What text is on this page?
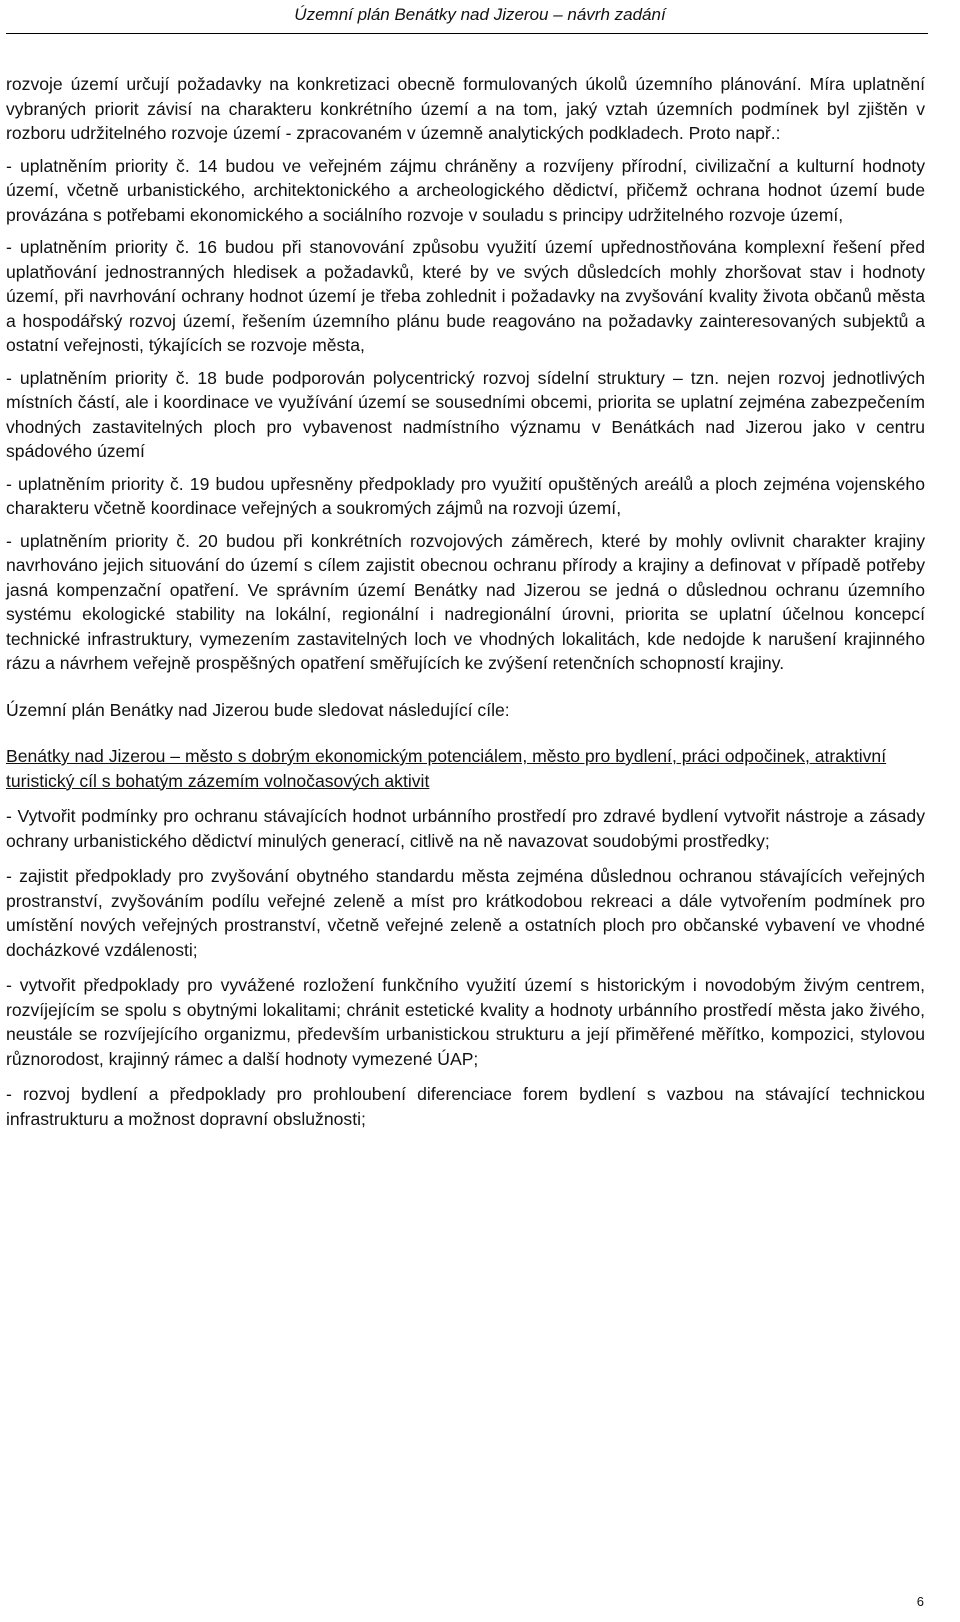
Územní plán Benátky nad Jizerou – návrh zadání

rozvoje území určují požadavky na konkretizaci obecně formulovaných úkolů územního plánování. Míra uplatnění vybraných priorit závisí na charakteru konkrétního území a na tom, jaký vztah územních podmínek byl zjištěn v rozboru udržitelného rozvoje území - zpracovaném v územně analytických podkladech. Proto např.:

- uplatněním priority č. 14 budou ve veřejném zájmu chráněny a rozvíjeny přírodní, civilizační a kulturní hodnoty území, včetně urbanistického, architektonického a archeologického dědictví, přičemž ochrana hodnot území bude provázána s potřebami ekonomického a sociálního rozvoje v souladu s principy udržitelného rozvoje území,

- uplatněním priority č. 16 budou při stanovování způsobu využití území upřednostňována komplexní řešení před uplatňování jednostranných hledisek a požadavků, které by ve svých důsledcích mohly zhoršovat stav i hodnoty území, při navrhování ochrany hodnot území je třeba zohlednit i požadavky na zvyšování kvality života občanů města a hospodářský rozvoj území, řešením územního plánu bude reagováno na požadavky zainteresovaných subjektů a ostatní veřejnosti, týkajících se rozvoje města,

- uplatněním priority č. 18 bude podporován polycentrický rozvoj sídelní struktury – tzn. nejen rozvoj jednotlivých místních částí, ale i koordinace ve využívání území se sousedními obcemi, priorita se uplatní zejména zabezpečením vhodných zastavitelných ploch pro vybavenost nadmístního významu v Benátkách nad Jizerou jako v centru spádového území

- uplatněním priority č. 19 budou upřesněny předpoklady pro využití opuštěných areálů a ploch zejména vojenského charakteru včetně koordinace veřejných a soukromých zájmů na rozvoji území,

- uplatněním priority č. 20 budou při konkrétních rozvojových záměrech, které by mohly ovlivnit charakter krajiny navrhováno jejich situování do území s cílem zajistit obecnou ochranu přírody a krajiny a definovat v případě potřeby jasná kompenzační opatření. Ve správním území Benátky nad Jizerou se jedná o důslednou ochranu územního systému ekologické stability na lokální, regionální i nadregionální úrovni, priorita se uplatní účelnou koncepcí technické infrastruktury, vymezením zastavitelných loch ve vhodných lokalitách, kde nedojde k narušení krajinného rázu a návrhem veřejně prospěšných opatření směřujících ke zvýšení retenčních schopností krajiny.

Územní plán Benátky nad Jizerou bude sledovat následující cíle:

Benátky nad Jizerou – město s dobrým ekonomickým potenciálem, město pro bydlení, práci odpočinek, atraktivní turistický cíl s bohatým zázemím volnočasových aktivit

- Vytvořit podmínky pro ochranu stávajících hodnot urbánního prostředí pro zdravé bydlení vytvořit nástroje a zásady ochrany urbanistického dědictví minulých generací, citlivě na ně navazovat soudobými prostředky;

- zajistit předpoklady pro zvyšování obytného standardu města zejména důslednou ochranou stávajících veřejných prostranství, zvyšováním podílu veřejné zeleně a míst pro krátkodobou rekreaci a dále vytvořením podmínek pro umístění nových veřejných prostranství, včetně veřejné zeleně a ostatních ploch pro občanské vybavení ve vhodné docházkové vzdálenosti;

- vytvořit předpoklady pro vyvážené rozložení funkčního využití území s historickým i novodobým živým centrem, rozvíjejícím se spolu s obytnými lokalitami; chránit estetické kvality a hodnoty urbánního prostředí města jako živého, neustále se rozvíjejícího organizmu, především urbanistickou strukturu a její přiměřené měřítko, kompozici, stylovou různorodost, krajinný rámec a další hodnoty vymezené ÚAP;

- rozvoj bydlení a předpoklady pro prohloubení diferenciace forem bydlení s vazbou na stávající technickou infrastrukturu a možnost dopravní obslužnosti;

6
